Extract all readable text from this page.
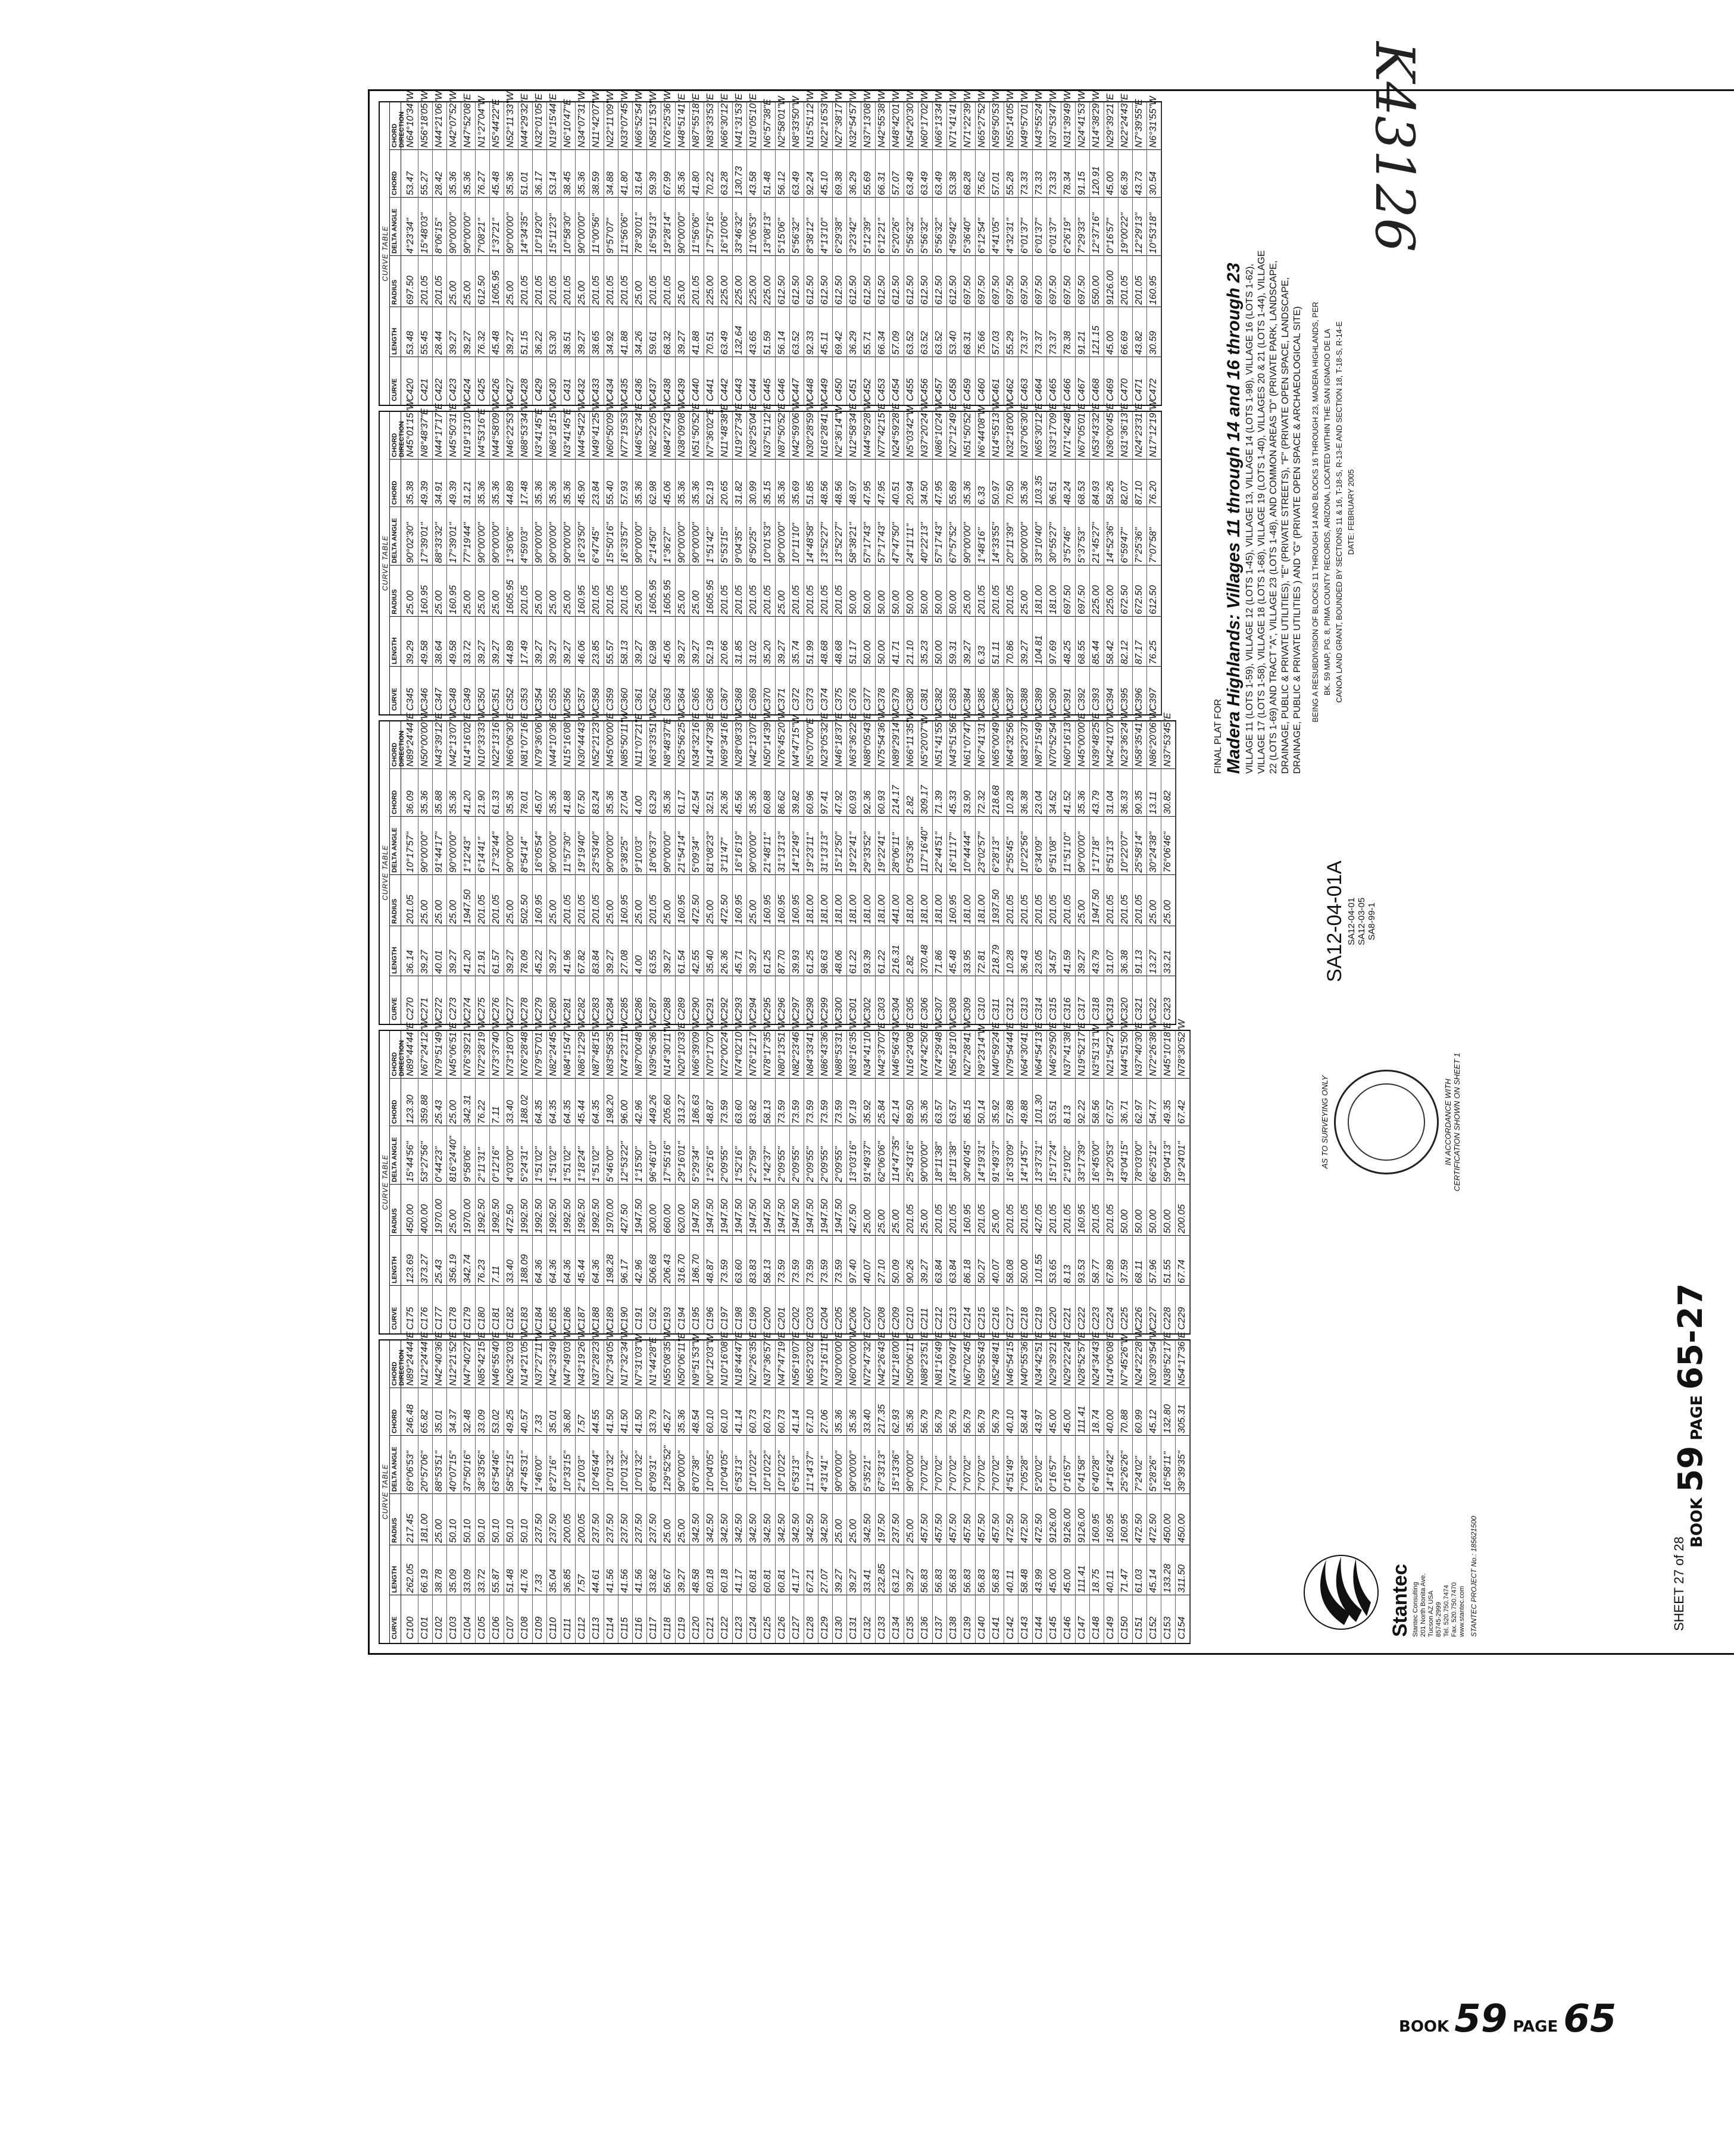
K43126
CURVE TABLE
CURVE
LENGTH
RADIUS
DELTA ANGLE
CHORD
CHORD DIRECTION
C100
262.05
217.45
69°06'53"
246.48
N89°24'44"E
C101
66.19
181.00
20°57'06"
65.82
N12°24'44"E
C102
38.78
25.00
88°53'51"
35.01
N42°40'36"E
C103
35.09
50.10
40°07'15"
34.37
N12°21'52"E
C104
33.09
50.10
37°50'16"
32.48
N47°40'27"E
C105
33.72
50.10
38°33'56"
33.09
N85°42'15"E
C106
55.87
50.10
63°54'46"
53.02
N46°55'40"E
C107
51.48
50.10
58°52'15"
49.25
N26°32'03"E
C108
41.76
50.10
47°45'31"
40.57
N14°21'05"W
C109
7.33
237.50
1°46'00"
7.33
N37°27'11"W
C110
35.04
237.50
8°27'16"
35.01
N42°33'49"W
C111
36.85
200.05
10°33'15"
36.80
N47°49'03"W
C112
7.57
200.05
2°10'03"
7.57
N43°19'26"W
C113
44.61
237.50
10°45'44"
44.55
N37°28'23"W
C114
41.56
237.50
10°01'32"
41.50
N27°34'05"W
C115
41.56
237.50
10°01'32"
41.50
N17°32'34"W
C116
41.56
237.50
10°01'32"
41.50
N7°31'03"W
C117
33.82
237.50
8°09'31"
33.79
N1°44'28"E
C118
56.67
25.00
129°52'52"
45.27
N55°08'35"W
C119
39.27
25.00
90°00'00"
35.36
N50°06'11"E
C120
48.58
342.50
8°07'38"
48.54
N9°51'53"W
C121
60.18
342.50
10°04'05"
60.10
N0°12'03"W
C122
60.18
342.50
10°04'05"
60.10
N10°16'08"E
C123
41.17
342.50
6°53'13"
41.14
N18°44'47"E
C124
60.81
342.50
10°10'22"
60.73
N27°26'35"E
C125
60.81
342.50
10°10'22"
60.73
N37°36'57"E
C126
60.81
342.50
10°10'22"
60.73
N47°47'19"E
C127
41.17
342.50
6°53'13"
41.14
N56°19'07"E
C128
67.21
342.50
11°14'37"
67.10
N65°23'02"E
C129
27.07
342.50
4°31'41"
27.06
N73°16'11"E
C130
39.27
25.00
90°00'00"
35.36
N30°00'00"E
C131
39.27
25.00
90°00'00"
35.36
N60°00'00"W
C132
33.41
342.50
5°35'21"
33.40
N72°47'32"E
C133
232.85
197.50
67°33'13"
217.35
N42°26'43"E
C134
63.12
237.50
15°13'36"
62.93
N12°18'00"E
C135
39.27
25.00
90°00'00"
35.36
N50°06'11"E
C136
56.83
457.50
7°07'02"
56.79
N88°23'51"E
C137
56.83
457.50
7°07'02"
56.79
N81°16'49"E
C138
56.83
457.50
7°07'02"
56.79
N74°09'47"E
C139
56.83
457.50
7°07'02"
56.79
N67°02'45"E
C140
56.83
457.50
7°07'02"
56.79
N59°55'43"E
C141
56.83
457.50
7°07'02"
56.79
N52°48'41"E
C142
40.11
472.50
4°51'49"
40.10
N46°54'15"E
C143
58.48
472.50
7°05'28"
58.44
N40°55'36"E
C144
43.99
472.50
5°20'02"
43.97
N34°42'51"E
C145
45.00
9126.00
0°16'57"
45.00
N29°39'21"E
C146
45.00
9126.00
0°16'57"
45.00
N29°22'24"E
C147
111.41
9126.00
0°41'58"
111.41
N28°52'57"E
C148
18.75
160.95
6°40'28"
18.74
N24°34'43"E
C149
40.11
160.95
14°16'42"
40.00
N14°06'08"E
C150
71.47
160.95
25°26'26"
70.88
N7°45'26"W
C151
61.03
472.50
7°24'02"
60.99
N24°22'28"W
C152
45.14
472.50
5°28'26"
45.12
N30°39'54"W
C153
133.28
450.00
16°58'11"
132.80
N38°52'17"E
C154
311.50
450.00
39°39'35"
305.31
N54°17'36"E
CURVE TABLE
CURVE
LENGTH
RADIUS
DELTA ANGLE
CHORD
CHORD DIRECTION
C175
123.69
450.00
15°44'56"
123.30
N89°44'44"E
C176
373.27
400.00
53°27'56"
359.88
N67°24'12"W
C177
25.43
1970.00
0°44'23"
25.43
N79°51'49"W
C178
356.19
25.00
816°24'40"
25.00
N45°06'51"E
C179
342.74
1970.00
9°58'06"
342.31
N76°39'21"W
C180
76.23
1992.50
2°11'31"
76.22
N72°28'19"W
C181
7.11
1992.50
0°12'16"
7.11
N73°37'40"W
C182
33.40
472.50
4°03'00"
33.40
N73°18'07"W
C183
188.09
1992.50
5°24'31"
188.02
N76°28'48"W
C184
64.36
1992.50
1°51'02"
64.35
N79°57'01"W
C185
64.36
1992.50
1°51'02"
64.35
N82°24'45"W
C186
64.36
1992.50
1°51'02"
64.35
N84°15'47"W
C187
45.44
1992.50
1°18'24"
45.44
N86°12'29"W
C188
64.36
1992.50
1°51'02"
64.35
N87°48'15"W
C189
198.28
1970.00
5°46'00"
198.20
N83°58'35"W
C190
96.17
427.50
12°53'22"
96.00
N74°23'11"W
C191
42.96
1947.50
1°15'50"
42.96
N87°00'48"W
C192
506.68
300.00
96°46'10"
449.26
N39°56'36"W
C193
206.43
660.00
17°55'16"
205.60
N14°30'11"W
C194
316.70
620.00
29°16'01"
313.27
N20°10'33"E
C195
186.70
1947.50
5°29'34"
186.63
N66°39'09"W
C196
48.87
1947.50
1°26'16"
48.87
N70°17'07"W
C197
73.59
1947.50
2°09'55"
73.59
N72°00'24"W
C198
63.60
1947.50
1°52'16"
63.60
N74°02'10"W
C199
83.83
1947.50
2°27'59"
83.82
N76°12'17"W
C200
58.13
1947.50
1°42'37"
58.13
N78°17'35"W
C201
73.59
1947.50
2°09'55"
73.59
N80°13'51"W
C202
73.59
1947.50
2°09'55"
73.59
N82°23'46"W
C203
73.59
1947.50
2°09'55"
73.59
N84°33'41"W
C204
73.59
1947.50
2°09'55"
73.59
N86°43'36"W
C205
73.59
1947.50
2°09'55"
73.59
N88°53'31"W
C206
97.40
427.50
13°03'16"
97.19
N83°16'35"W
C207
40.07
25.00
91°49'37"
35.92
N34°41'10"W
C208
27.10
25.00
62°06'06"
25.84
N42°37'07"E
C209
50.09
25.00
114°47'35"
42.14
N46°56'43"W
C210
90.26
201.05
25°43'16"
89.50
N16°24'08"E
C211
39.27
25.00
90°00'00"
35.36
N74°42'50"E
C212
63.84
201.05
18°11'38"
63.57
N74°29'48"W
C213
63.84
201.05
18°11'38"
63.57
N56°18'10"W
C214
86.18
160.95
30°40'45"
85.15
N27°28'41"W
C215
50.27
201.05
14°19'31"
50.14
N9°23'14"W
C216
40.07
25.00
91°49'37"
35.92
N40°59'24"E
C217
58.08
201.05
16°33'09"
57.88
N79°54'44"E
C218
50.00
201.05
14°14'57"
49.88
N64°30'41"E
C219
101.55
427.05
13°37'31"
101.30
N64°54'13"E
C220
53.65
201.05
15°17'24"
53.51
N46°29'50"E
C221
8.13
201.05
2°19'02"
8.13
N37°41'38"E
C222
93.53
160.95
33°17'39"
92.22
N19°52'17"E
C223
58.77
201.05
16°45'00"
58.56
N3°51'31"W
C224
67.89
201.05
19°20'53"
67.57
N21°54'27"W
C225
37.59
50.00
43°04'15"
36.71
N44°51'50"W
C226
68.11
50.00
78°03'00"
62.97
N37°40'30"E
C227
57.96
50.00
66°25'12"
54.77
N72°26'38"W
C228
51.55
50.00
59°04'13"
49.35
N45°10'18"E
C229
67.74
200.05
19°24'01"
67.42
N78°30'52"W
CURVE TABLE
CURVE
LENGTH
RADIUS
DELTA ANGLE
CHORD
CHORD DIRECTION
C270
36.14
201.05
10°17'57"
36.09
N89°24'44"E
C271
39.27
25.00
90°00'00"
35.36
N50°00'00"W
C272
40.01
25.00
91°44'17"
35.88
N43°39'12"E
C273
39.27
25.00
90°00'00"
35.36
N42°13'07"W
C274
41.20
1947.50
1°12'43"
41.20
N14°16'02"E
C275
21.91
201.05
6°14'41"
21.90
N10°33'33"W
C276
61.57
201.05
17°32'44"
61.33
N22°13'16"W
C277
39.27
25.00
90°00'00"
35.36
N66°06'30"E
C278
78.09
502.50
8°54'14"
78.01
N81°07'16"E
C279
45.22
160.95
16°05'54"
45.07
N79°36'06"W
C280
39.27
25.00
90°00'00"
35.36
N44°10'36"E
C281
41.96
201.05
11°57'30"
41.88
N15°16'08"W
C282
67.82
201.05
19°19'40"
67.50
N30°44'43"W
C283
83.84
201.05
23°53'40"
83.24
N52°21'23"W
C284
39.27
25.00
90°00'00"
35.36
N45°00'00"E
C285
27.08
160.95
9°38'25"
27.04
N85°50'11"W
C286
4.00
25.00
9°10'03"
4.00
N11°07'21"E
C287
63.55
201.05
18°06'37"
63.29
N63°33'51"W
C288
39.27
25.00
90°00'00"
35.36
N8°48'37"E
C289
61.54
160.95
21°54'14"
61.17
N25°56'25"W
C290
42.55
472.50
5°09'34"
42.54
N34°32'16"E
C291
35.40
25.00
81°08'23"
32.51
N14°47'38"E
C292
26.36
472.50
3°11'47"
26.36
N69°34'16"E
C293
45.71
160.95
16°16'19"
45.56
N28°08'33"W
C294
39.27
25.00
90°00'00"
35.36
N42°13'07"E
C295
61.25
160.95
21°48'11"
60.88
N50°14'39"W
C296
87.70
160.95
31°13'13"
86.62
N76°45'20"W
C297
39.93
160.95
14°12'49"
39.82
N4°47'15"W
C298
61.25
181.00
19°23'11"
60.96
N5°07'00"E
C299
98.63
181.00
31°13'13"
97.41
N23°05'32"E
C300
48.06
181.00
15°12'50"
47.92
N46°18'37"E
C301
61.22
181.00
19°22'41"
60.93
N63°36'22"E
C302
93.39
181.00
29°33'52"
92.36
N88°05'43"E
C303
61.22
181.00
19°22'41"
60.93
N75°54'36"W
C304
216.31
441.00
28°06'11"
214.17
N89°29'14"W
C305
2.82
181.00
0°53'36"
2.82
N66°11'35"W
C306
370.48
181.00
117°16'40"
309.17
N5°20'07"W
C307
71.86
181.00
22°44'51"
71.39
N51°41'55"W
C308
45.48
160.95
16°11'17"
45.33
N43°51'56"E
C309
33.95
181.00
10°44'44"
33.90
N61°07'47"W
C310
72.81
181.00
23°02'57"
72.32
N67°41'31"W
C311
218.79
1937.50
6°28'13"
218.68
N65°00'49"W
C312
10.28
201.05
2°55'45"
10.28
N64°32'56"W
C313
36.43
201.05
10°22'56"
36.38
N83°20'37"W
C314
23.05
201.05
6°34'09"
23.04
N87°15'49"W
C315
34.57
201.05
9°51'08"
34.52
N70°52'54"W
C316
41.59
201.05
11°51'10"
41.52
N60°16'13"W
C317
39.27
25.00
90°00'00"
35.36
N45°00'00"E
C318
43.79
1947.50
1°17'18"
43.79
N39°48'25"E
C319
31.07
201.05
8°51'13"
31.04
N42°41'07"W
C320
36.38
201.05
10°22'07"
36.33
N23°36'24"W
C321
91.13
201.05
25°58'14"
90.35
N58°35'41"W
C322
13.27
25.00
30°24'38"
13.11
N86°20'06"W
C323
33.21
25.00
76°06'46"
30.82
N37°53'45"E
CURVE TABLE
CURVE
LENGTH
RADIUS
DELTA ANGLE
CHORD
CHORD DIRECTION
C345
39.29
25.00
90°02'30"
35.38
N45°01'15"W
C346
49.58
160.95
17°39'01"
49.39
N8°48'37"E
C347
38.64
25.00
88°33'32"
34.91
N44°17'17"E
C348
49.58
160.95
17°39'01"
49.39
N45°50'31"E
C349
33.72
25.00
77°19'44"
31.21
N19°13'10"W
C350
39.27
25.00
90°00'00"
35.36
N4°53'16"E
C351
39.27
25.00
90°00'00"
35.36
N44°58'09"W
C352
44.89
1605.95
1°36'06"
44.89
N46°22'53"W
C353
17.49
201.05
4°59'03"
17.48
N88°53'34"W
C354
39.27
25.00
90°00'00"
35.36
N3°41'45"E
C355
39.27
25.00
90°00'00"
35.36
N86°18'15"W
C356
39.27
25.00
90°00'00"
35.36
N3°41'45"E
C357
46.06
160.95
16°23'50"
45.90
N44°54'22"W
C358
23.85
201.05
6°47'45"
23.84
N49°41'25"W
C359
55.57
201.05
15°50'16"
55.40
N60°50'09"W
C360
58.13
201.05
16°33'57"
57.93
N77°19'53"W
C361
39.27
25.00
90°00'00"
35.36
N46°52'34"E
C362
62.98
1605.95
2°14'50"
62.98
N82°22'05"W
C363
45.06
1605.95
1°36'27"
45.06
N84°27'43"W
C364
39.27
25.00
90°00'00"
35.36
N38°09'08"W
C365
39.27
25.00
90°00'00"
35.36
N51°50'52"E
C366
52.19
1605.95
1°51'42"
52.19
N7°36'02"E
C367
20.66
201.05
5°53'15"
20.65
N11°48'38"E
C368
31.85
201.05
9°04'35"
31.82
N19°27'34"E
C369
31.02
201.05
8°50'25"
30.99
N28°25'04"E
C370
35.20
201.05
10°01'53"
35.15
N37°51'12"E
C371
39.27
25.00
90°00'00"
35.36
N87°50'52"E
C372
35.74
201.05
10°11'10"
35.69
N42°59'06"W
C373
51.99
201.05
14°48'58"
51.85
N30°28'59"W
C374
48.68
201.05
13°52'27"
48.56
N16°28'41"W
C375
48.68
201.05
13°52'27"
48.56
N2°36'14"W
C376
51.17
50.00
58°38'21"
48.97
N12°58'34"E
C377
50.00
50.00
57°17'43"
47.95
N44°59'28"W
C378
50.00
50.00
57°17'43"
47.95
N77°42'15"E
C379
41.71
50.00
47°47'50"
40.51
N24°59'28"E
C380
21.10
50.00
24°11'11"
20.94
N5°03'42"W
C381
35.23
50.00
40°22'13"
34.50
N37°20'24"W
C382
50.00
50.00
57°17'43"
47.95
N86°10'24"W
C383
59.31
50.00
67°57'52"
55.89
N27°12'49"E
C384
39.27
25.00
90°00'00"
35.36
N51°50'52"E
C385
6.33
201.05
1°48'16"
6.33
N6°44'08"W
C386
51.11
201.05
14°33'55"
50.97
N14°55'13"W
C387
70.86
201.05
20°11'39"
70.50
N32°18'00"W
C388
39.27
25.00
90°00'00"
35.36
N37°06'30"E
C389
104.81
181.00
33°10'40"
103.35
N65°30'12"E
C390
97.69
181.00
30°55'27"
96.51
N33°17'09"E
C391
48.25
697.50
3°57'46"
48.24
N71°42'48"E
C392
68.55
697.50
5°37'53"
68.53
N67°05'01"E
C393
85.44
225.00
21°45'27"
84.93
N53°43'32"E
C394
58.42
225.00
14°52'36"
58.26
N36°00'45"E
C395
82.12
672.50
6°59'47"
82.07
N31°36'13"E
C396
87.17
672.50
7°25'36"
87.10
N24°23'31"E
C397
76.25
612.50
7°07'58"
76.20
N17°12'19"W
CURVE TABLE
CURVE
LENGTH
RADIUS
DELTA ANGLE
CHORD
CHORD DIRECTION
C420
53.48
697.50
4°23'34"
53.47
N64°10'34"W
C421
55.45
201.05
15°48'03"
55.27
N56°18'05"W
C422
28.44
201.05
8°06'15"
28.42
N44°21'06"W
C423
39.27
25.00
90°00'00"
35.36
N42°07'52"W
C424
39.27
25.00
90°00'00"
35.36
N47°52'08"E
C425
76.32
612.50
7°08'21"
76.27
N1°27'04"W
C426
45.48
1605.95
1°37'21"
45.48
N5°44'22"E
C427
39.27
25.00
90°00'00"
35.36
N52°11'33"W
C428
51.15
201.05
14°34'35"
51.01
N44°29'32"E
C429
36.22
201.05
10°19'20"
36.17
N32°01'05"E
C430
53.30
201.05
15°11'23"
53.14
N19°15'44"E
C431
38.51
201.05
10°58'30"
38.45
N6°10'47"E
C432
39.27
25.00
90°00'00"
35.36
N34°07'31"W
C433
38.65
201.05
11°00'56"
38.59
N11°42'07"W
C434
34.92
201.05
9°57'07"
34.88
N22°11'09"W
C435
41.88
201.05
11°56'06"
41.80
N33°07'45"W
C436
34.26
25.00
78°30'01"
31.64
N66°52'54"W
C437
59.61
201.05
16°59'13"
59.39
N58°11'53"W
C438
68.32
201.05
19°28'14"
67.99
N76°25'36"W
C439
39.27
25.00
90°00'00"
35.36
N48°51'41"E
C440
41.88
201.05
11°56'06"
41.80
N87°55'18"E
C441
70.51
225.00
17°57'16"
70.22
N83°33'53"E
C442
63.49
225.00
16°10'06"
63.28
N66°30'12"E
C443
132.64
225.00
33°46'32"
130.73
N41°31'53"E
C444
43.65
225.00
11°06'53"
43.58
N19°05'10"E
C445
51.59
225.00
13°08'13"
51.48
N6°57'38"E
C446
56.14
612.50
5°15'06"
56.12
N2°58'01"W
C447
63.52
612.50
5°56'32"
63.49
N8°33'50"W
C448
92.33
612.50
8°38'12"
92.24
N15°51'12"W
C449
45.11
612.50
4°13'10"
45.10
N22°16'53"W
C450
69.42
612.50
6°29'38"
69.38
N27°38'17"W
C451
36.29
612.50
3°23'42"
36.29
N32°54'57"W
C452
55.71
612.50
5°12'39"
55.69
N37°13'08"W
C453
66.34
612.50
6°12'21"
66.31
N42°55'38"W
C454
57.09
612.50
5°20'26"
57.07
N48°42'01"W
C455
63.52
612.50
5°56'32"
63.49
N54°20'30"W
C456
63.52
612.50
5°56'32"
63.49
N60°17'02"W
C457
63.52
612.50
5°56'32"
63.49
N66°13'34"W
C458
53.40
612.50
4°59'42"
53.38
N71°41'41"W
C459
68.31
697.50
5°36'40"
68.28
N71°22'39"W
C460
75.66
697.50
6°12'54"
75.62
N65°27'52"W
C461
57.03
697.50
4°41'05"
57.01
N59°50'53"W
C462
55.29
697.50
4°32'31"
55.28
N55°14'05"W
C463
73.37
697.50
6°01'37"
73.33
N49°57'01"W
C464
73.37
697.50
6°01'37"
73.33
N43°55'24"W
C465
73.37
697.50
6°01'37"
73.33
N37°53'47"W
C466
78.38
697.50
6°26'19"
78.34
N31°39'49"W
C467
91.21
697.50
7°29'33"
91.15
N24°41'53"W
C468
121.15
550.00
12°37'16"
120.91
N14°38'29"W
C469
45.00
9126.00
0°16'57"
45.00
N29°39'21"E
C470
66.69
201.05
19°00'22"
66.39
N22°24'43"E
C471
43.82
201.05
12°29'13"
43.73
N7°39'55"E
C472
30.59
160.95
10°53'18"
30.54
N6°31'55"W
FINAL PLAT FOR Madera Highlands: Villages 11 through 14 and 16 through 23 VILLAGE 11 (LOTS 1-59), VILLAGE 12 (LOTS 1-45), VILLAGE 13, VILLAGE 14 (LOTS 1-98), VILLAGE 16 (LOTS 1-62), VILLAGE 17 (LOTS 1-58), VILLAGE 18 (LOTS 1-68), VILLAGE 19 (LOTS 1-40), VILLAGES 20 & 21 (LOTS 1-44), VILLAGE 22 (LOTS 1-69) AND TRACT "A", VILLAGE 23 (LOTS 1-48), AND COMMON AREAS "D" (PRIVATE PARK, LANDSCAPE, DRAINAGE, PUBLIC & PRIVATE UTILITIES), "E" (PRIVATE STREETS), "F" (PRIVATE OPEN SPACE, LANDSCAPE, DRAINAGE, PUBLIC & PRIVATE UTILITIES ) AND "G" (PRIVATE OPEN SPACE & ARCHAEOLOGICAL SITE) BEING A RESUBDIVISION OF BLOCKS 11 THROUGH 14 AND BLOCKS 16 THROUGH 23, MADERA HIGHLANDS, PER BK. 59 MAP, PG. 8, PIMA COUNTY RECORDS, ARIZONA, LOCATED WITHIN THE SAN IGNACIO DE LA CANOA LAND GRANT, BOUNDED BY SECTIONS 11 & 16, T-18-S, R-13-E AND SECTION 18, T-18-S, R-14-E DATE: FEBRUARY 2005
SA12-04-01A SA12-04-01 SA12-03-05 SA8-99-1
AS TO SURVEYING ONLY	IN ACCORDANCE WITH CERTIFICATION SHOWN ON SHEET 1
Stantec Stantec Consulting 201 North Bonita Ave. Tucson AZ USA 85745-2999 Tel. 520.750.7474 Fax. 520.750.7470 www.stantec.com STANTEC PROJECT No.: 185621500	SHEET 27 of 28
BOOK 59 PAGE 65-27
BOOK 59 PAGE 65
